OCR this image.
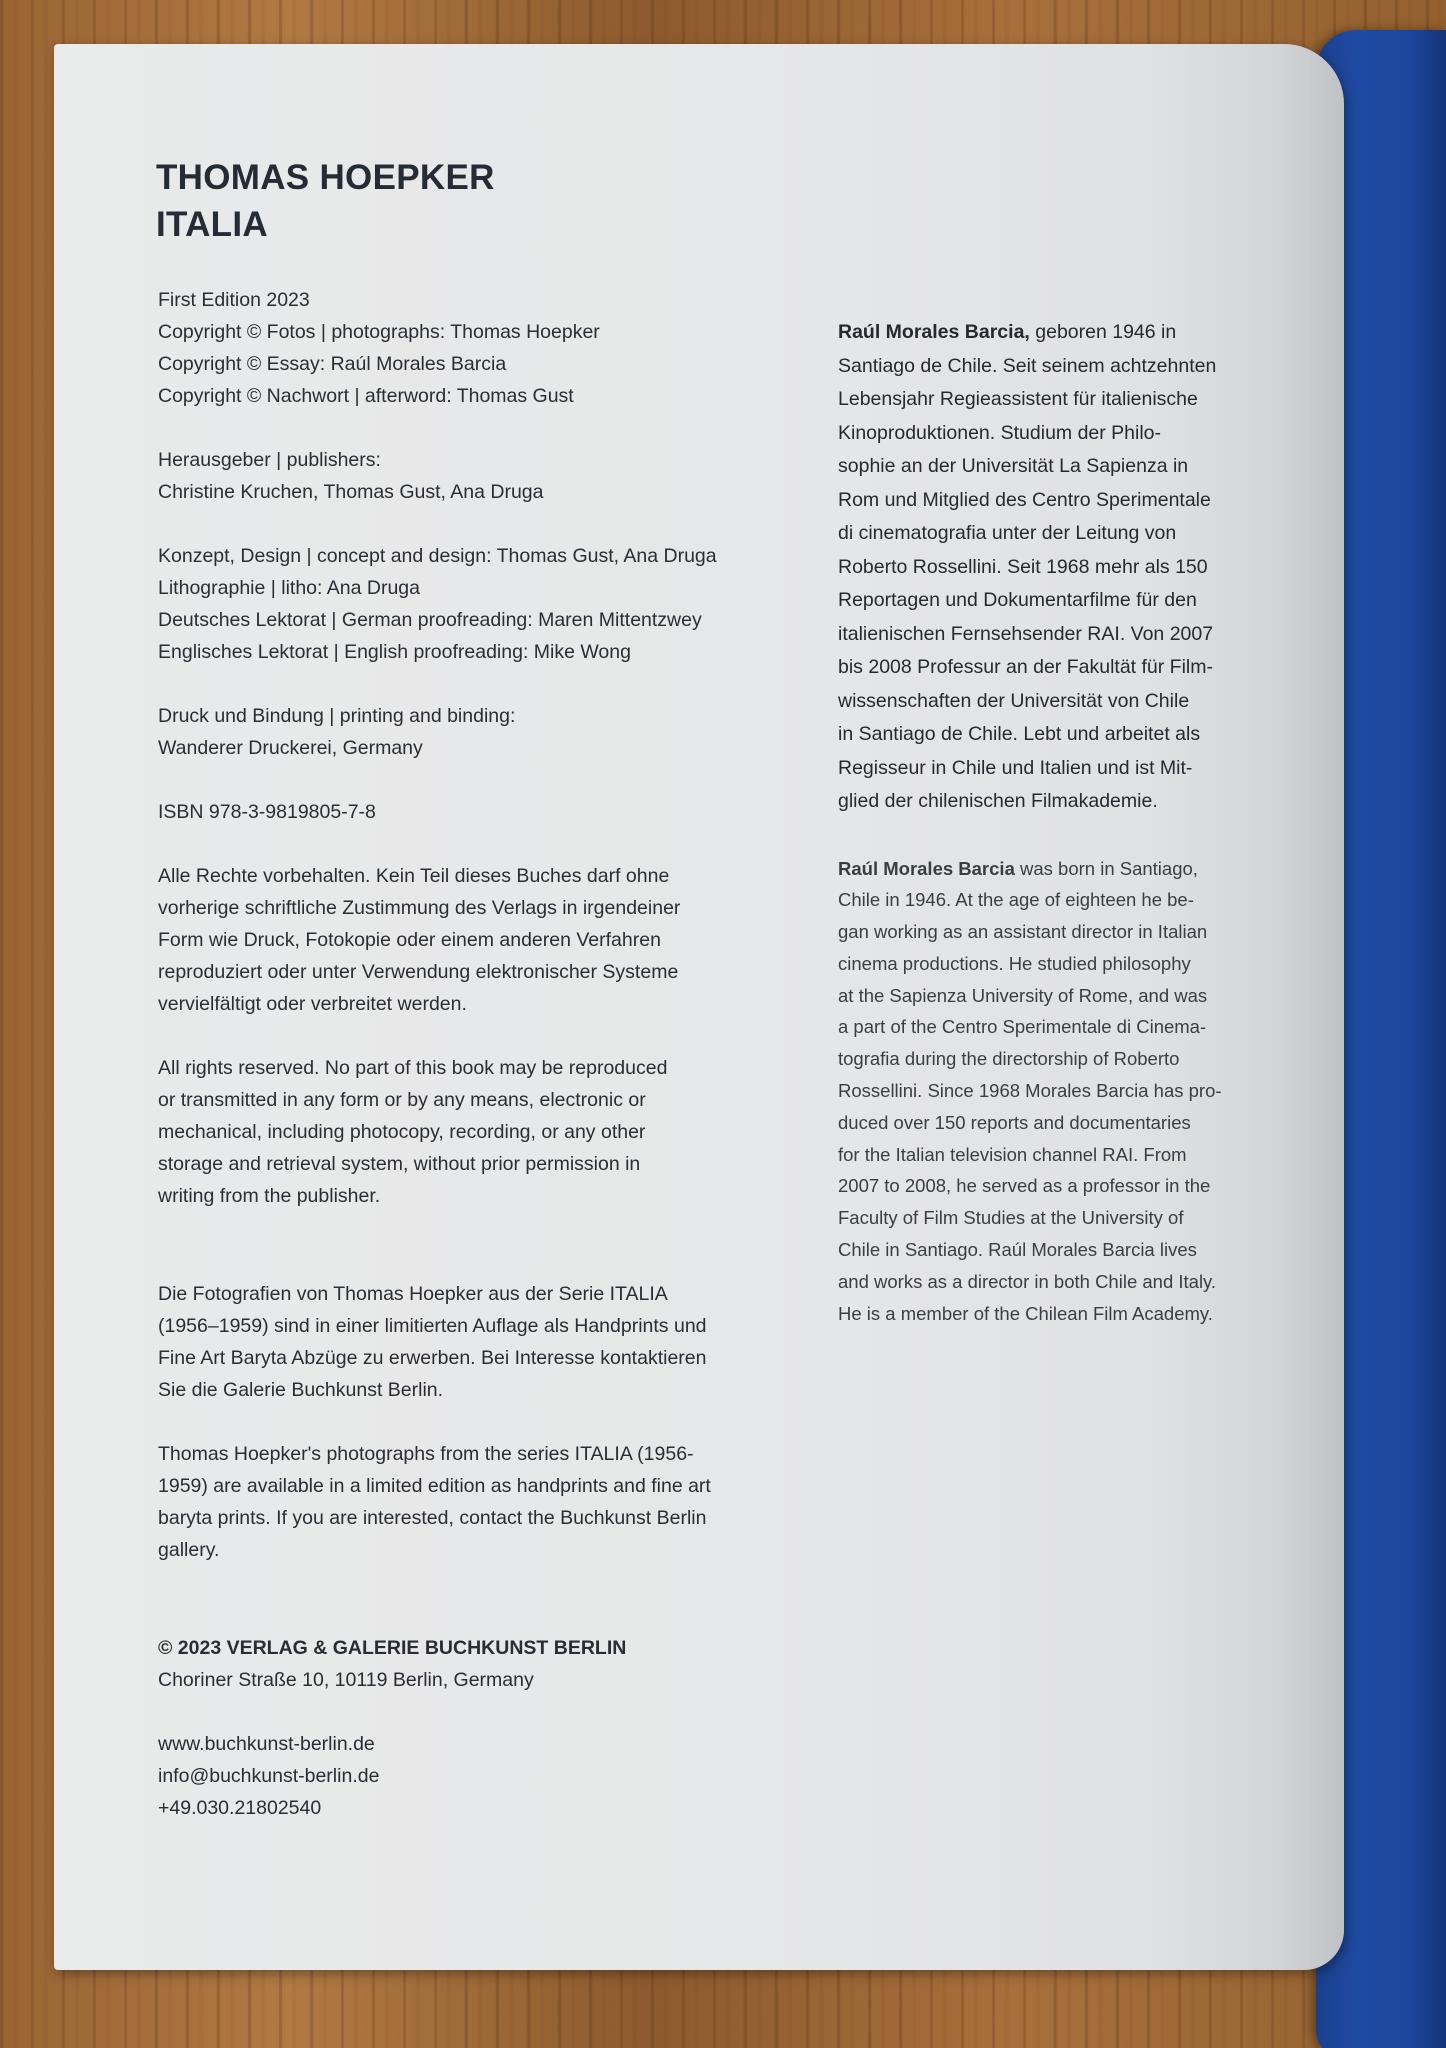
THOMAS HOEPKER
ITALIA
First Edition 2023
Copyright © Fotos | photographs: Thomas Hoepker
Copyright © Essay: Raúl Morales Barcia
Copyright © Nachwort | afterword: Thomas Gust
Herausgeber | publishers:
Christine Kruchen, Thomas Gust, Ana Druga
Konzept, Design | concept and design: Thomas Gust, Ana Druga
Lithographie | litho: Ana Druga
Deutsches Lektorat | German proofreading: Maren Mittentzwey
Englisches Lektorat | English proofreading: Mike Wong
Druck und Bindung | printing and binding:
Wanderer Druckerei, Germany
ISBN 978-3-9819805-7-8
Alle Rechte vorbehalten. Kein Teil dieses Buches darf ohne
vorherige schriftliche Zustimmung des Verlags in irgendeiner
Form wie Druck, Fotokopie oder einem anderen Verfahren
reproduziert oder unter Verwendung elektronischer Systeme
vervielfältigt oder verbreitet werden.
All rights reserved. No part of this book may be reproduced
or transmitted in any form or by any means, electronic or
mechanical, including photocopy, recording, or any other
storage and retrieval system, without prior permission in
writing from the publisher.
Die Fotografien von Thomas Hoepker aus der Serie ITALIA
(1956–1959) sind in einer limitierten Auflage als Handprints und
Fine Art Baryta Abzüge zu erwerben. Bei Interesse kontaktieren
Sie die Galerie Buchkunst Berlin.
Thomas Hoepker's photographs from the series ITALIA (1956-
1959) are available in a limited edition as handprints and fine art
baryta prints. If you are interested, contact the Buchkunst Berlin
gallery.
© 2023 VERLAG & GALERIE BUCHKUNST BERLIN
Choriner Straße 10, 10119 Berlin, Germany
www.buchkunst-berlin.de
info@buchkunst-berlin.de
+49.030.21802540
Raúl Morales Barcia, geboren 1946 in
Santiago de Chile. Seit seinem achtzehnten
Lebensjahr Regieassistent für italienische
Kinoproduktionen. Studium der Philo-
sophie an der Universität La Sapienza in
Rom und Mitglied des Centro Sperimentale
di cinematografia unter der Leitung von
Roberto Rossellini. Seit 1968 mehr als 150
Reportagen und Dokumentarfilme für den
italienischen Fernsehsender RAI. Von 2007
bis 2008 Professur an der Fakultät für Film-
wissenschaften der Universität von Chile
in Santiago de Chile. Lebt und arbeitet als
Regisseur in Chile und Italien und ist Mit-
glied der chilenischen Filmakademie.
Raúl Morales Barcia was born in Santiago,
Chile in 1946. At the age of eighteen he be-
gan working as an assistant director in Italian
cinema productions. He studied philosophy
at the Sapienza University of Rome, and was
a part of the Centro Sperimentale di Cinema-
tografia during the directorship of Roberto
Rossellini. Since 1968 Morales Barcia has pro-
duced over 150 reports and documentaries
for the Italian television channel RAI. From
2007 to 2008, he served as a professor in the
Faculty of Film Studies at the University of
Chile in Santiago. Raúl Morales Barcia lives
and works as a director in both Chile and Italy.
He is a member of the Chilean Film Academy.
